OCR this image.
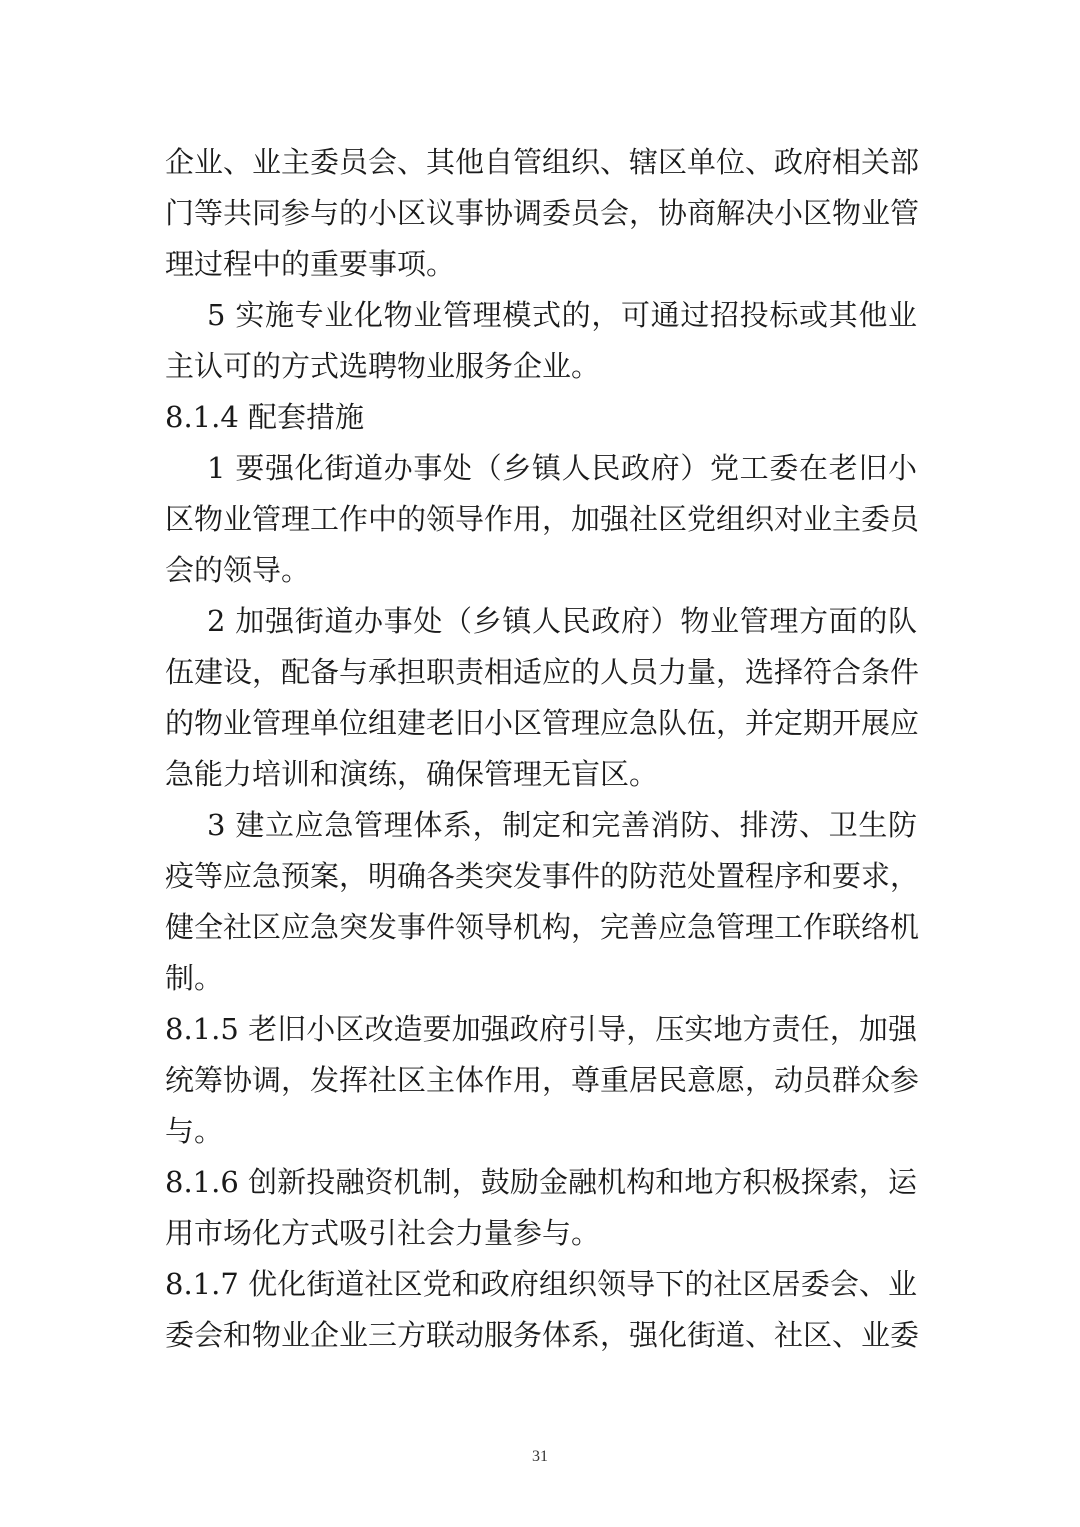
企业、业主委员会、其他自管组织、辖区单位、政府相关部
门等共同参与的小区议事协调委员会，协商解决小区物业管
理过程中的重要事项。
5 实施专业化物业管理模式的，可通过招投标或其他业
主认可的方式选聘物业服务企业。
8.1.4 配套措施
1 要强化街道办事处（乡镇人民政府）党工委在老旧小
区物业管理工作中的领导作用，加强社区党组织对业主委员
会的领导。
2 加强街道办事处（乡镇人民政府）物业管理方面的队
伍建设，配备与承担职责相适应的人员力量，选择符合条件
的物业管理单位组建老旧小区管理应急队伍，并定期开展应
急能力培训和演练，确保管理无盲区。
3 建立应急管理体系，制定和完善消防、排涝、卫生防
疫等应急预案，明确各类突发事件的防范处置程序和要求，
健全社区应急突发事件领导机构，完善应急管理工作联络机
制。
8.1.5 老旧小区改造要加强政府引导，压实地方责任，加强
统筹协调，发挥社区主体作用，尊重居民意愿，动员群众参
与。
8.1.6 创新投融资机制，鼓励金融机构和地方积极探索，运
用市场化方式吸引社会力量参与。
8.1.7 优化街道社区党和政府组织领导下的社区居委会、业
委会和物业企业三方联动服务体系，强化街道、社区、业委
31
